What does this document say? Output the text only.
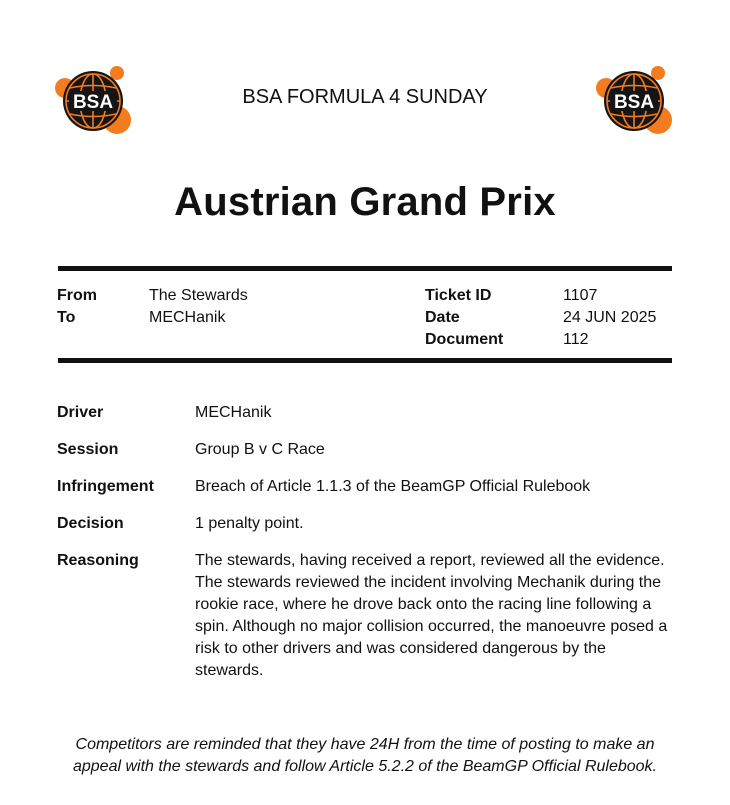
BSA	BSA
BSA FORMULA 4 SUNDAY
Austrian Grand Prix
From	The Stewards
To	MECHanik
Ticket ID	1107
Date	24 JUN 2025
Document	112
Driver	MECHanik
Session	Group B v C Race
Infringement	Breach of Article 1.1.3 of the BeamGP Official Rulebook
Decision	1 penalty point.
Reasoning	The stewards, having received a report, reviewed all the evidence. The stewards reviewed the incident involving Mechanik during the rookie race, where he drove back onto the racing line following a spin. Although no major collision occurred, the manoeuvre posed a risk to other drivers and was considered dangerous by the stewards.
Competitors are reminded that they have 24H from the time of posting to make an appeal with the stewards and follow Article 5.2.2 of the BeamGP Official Rulebook.
